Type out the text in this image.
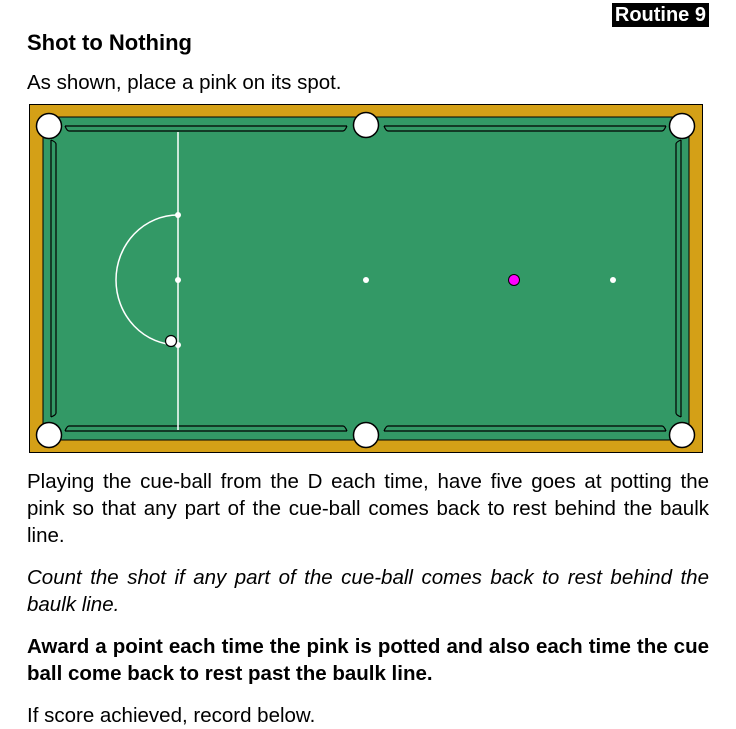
Routine 9
Shot to Nothing

As shown, place a pink on its spot.

Playing the cue-ball from the D each time, have five goes at potting the pink so that any part of the cue-ball comes back to rest behind the baulk line.

Count the shot if any part of the cue-ball comes back to rest behind the baulk line.

Award a point each time the pink is potted and also each time the cue ball come back to rest past the baulk line.

If score achieved, record below.
